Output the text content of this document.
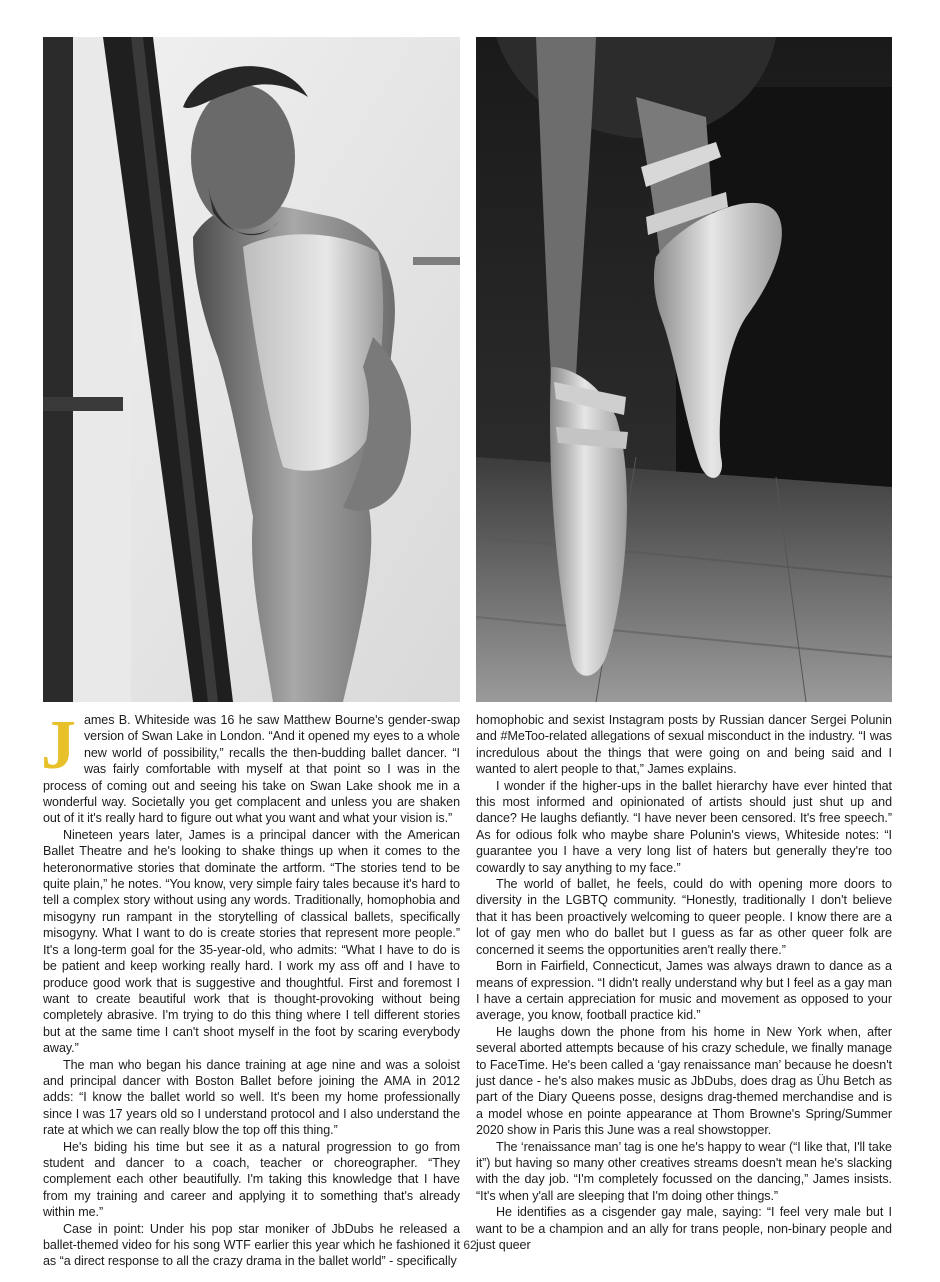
James B. Whiteside was 16 he saw Matthew Bourne's gender-swap version of Swan Lake in London. “And it opened my eyes to a whole new world of possibility,” recalls the then-budding ballet dancer. “I was fairly comfortable with myself at that point so I was in the process of coming out and seeing his take on Swan Lake shook me in a wonderful way. Societally you get complacent and unless you are shaken out of it it's really hard to figure out what you want and what your vision is.”

Nineteen years later, James is a principal dancer with the American Ballet Theatre and he's looking to shake things up when it comes to the heteronormative stories that dominate the artform. “The stories tend to be quite plain,” he notes. “You know, very simple fairy tales because it's hard to tell a complex story without using any words. Traditionally, homophobia and misogyny run rampant in the storytelling of classical ballets, specifically misogyny. What I want to do is create stories that represent more people.” It's a long-term goal for the 35-year-old, who admits: “What I have to do is be patient and keep working really hard. I work my ass off and I have to produce good work that is suggestive and thoughtful. First and foremost I want to create beautiful work that is thought-provoking without being completely abrasive. I'm trying to do this thing where I tell different stories but at the same time I can't shoot myself in the foot by scaring everybody away.”

The man who began his dance training at age nine and was a soloist and principal dancer with Boston Ballet before joining the AMA in 2012 adds: “I know the ballet world so well. It's been my home professionally since I was 17 years old so I understand protocol and I also understand the rate at which we can really blow the top off this thing.”

He's biding his time but see it as a natural progression to go from student and dancer to a coach, teacher or choreographer. “They complement each other beautifully. I'm taking this knowledge that I have from my training and career and applying it to something that's already within me.”

Case in point: Under his pop star moniker of JbDubs he released a ballet-themed video for his song WTF earlier this year which he fashioned it as “a direct response to all the crazy drama in the ballet world” - specifically

homophobic and sexist Instagram posts by Russian dancer Sergei Polunin and #MeToo-related allegations of sexual misconduct in the industry. “I was incredulous about the things that were going on and being said and I wanted to alert people to that,” James explains.

I wonder if the higher-ups in the ballet hierarchy have ever hinted that this most informed and opinionated of artists should just shut up and dance? He laughs defiantly. “I have never been censored. It's free speech.” As for odious folk who maybe share Polunin's views, Whiteside notes: “I guarantee you I have a very long list of haters but generally they're too cowardly to say anything to my face.”

The world of ballet, he feels, could do with opening more doors to diversity in the LGBTQ community. “Honestly, traditionally I don't believe that it has been proactively welcoming to queer people. I know there are a lot of gay men who do ballet but I guess as far as other queer folk are concerned it seems the opportunities aren't really there.”

Born in Fairfield, Connecticut, James was always drawn to dance as a means of expression. “I didn't really understand why but I feel as a gay man I have a certain appreciation for music and movement as opposed to your average, you know, football practice kid.”

He laughs down the phone from his home in New York when, after several aborted attempts because of his crazy schedule, we finally manage to FaceTime. He's been called a ‘gay renaissance man’ because he doesn't just dance - he's also makes music as JbDubs, does drag as Ühu Betch as part of the Diary Queens posse, designs drag-themed merchandise and is a model whose en pointe appearance at Thom Browne's Spring/Summer 2020 show in Paris this June was a real showstopper.

The ‘renaissance man’ tag is one he's happy to wear (“I like that, I'll take it”) but having so many other creatives streams doesn't mean he's slacking with the day job. “I'm completely focussed on the dancing,” James insists. “It's when y'all are sleeping that I'm doing other things.”

He identifies as a cisgender gay male, saying: “I feel very male but I want to be a champion and an ally for trans people, non-binary people and just queer

62
